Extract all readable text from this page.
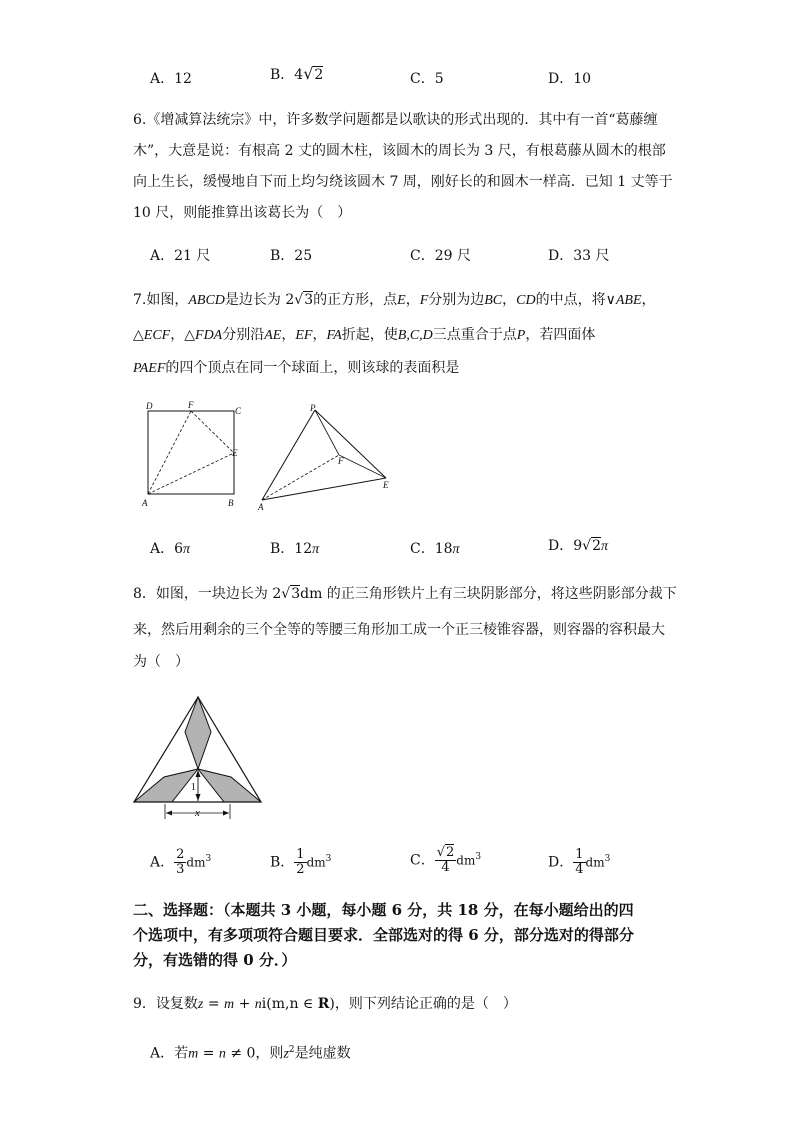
A．12	B．4√2	C．5	D．10
6.《增减算法统宗》中，许多数学问题都是以歌诀的形式出现的．其中有一首“葛藤缠
木”，大意是说：有根高 2 丈的圆木柱，该圆木的周长为 3 尺，有根葛藤从圆木的根部
向上生长，缓慢地自下而上均匀绕该圆木 7 周，刚好长的和圆木一样高．已知 1 丈等于
10 尺，则能推算出该葛长为（　）
A．21 尺	B．25	C．29 尺	D．33 尺
7.如图，ABCD是边长为 2√3的正方形，点E，F分别为边BC，CD的中点，将∨ABE，
△ECF，△FDA分别沿AE，EF，FA折起，使B,C,D三点重合于点P，若四面体
PAEF的四个顶点在同一个球面上，则该球的表面积是
D	F
C
E
A	B
P
F
E
A
A．6π	B．12π	C．18π	D．9√2π
8．如图，一块边长为 2√3dm 的正三角形铁片上有三块阴影部分，将这些阴影部分裁下
来，然后用剩余的三个全等的等腰三角形加工成一个正三棱锥容器，则容器的容积最大
为（　）
1
x
A． $\frac{2}{3} dm^3$	B． $\frac{1}{2} dm^3$	C． $\frac{√2}{4} dm^3$	D． $\frac{1}{4} dm^3$
二、选择题：（本题共 3 小题，每小题 6 分，共 18 分，在每小题给出的四
个选项中，有多项项符合题目要求．全部选对的得 6 分，部分选对的得部分
分，有选错的得 0 分．）
9．设复数z = m + ni(m,n ∈ R)，则下列结论正确的是（　）
A．若m = n ≠ 0，则$z^2$是纯虚数
